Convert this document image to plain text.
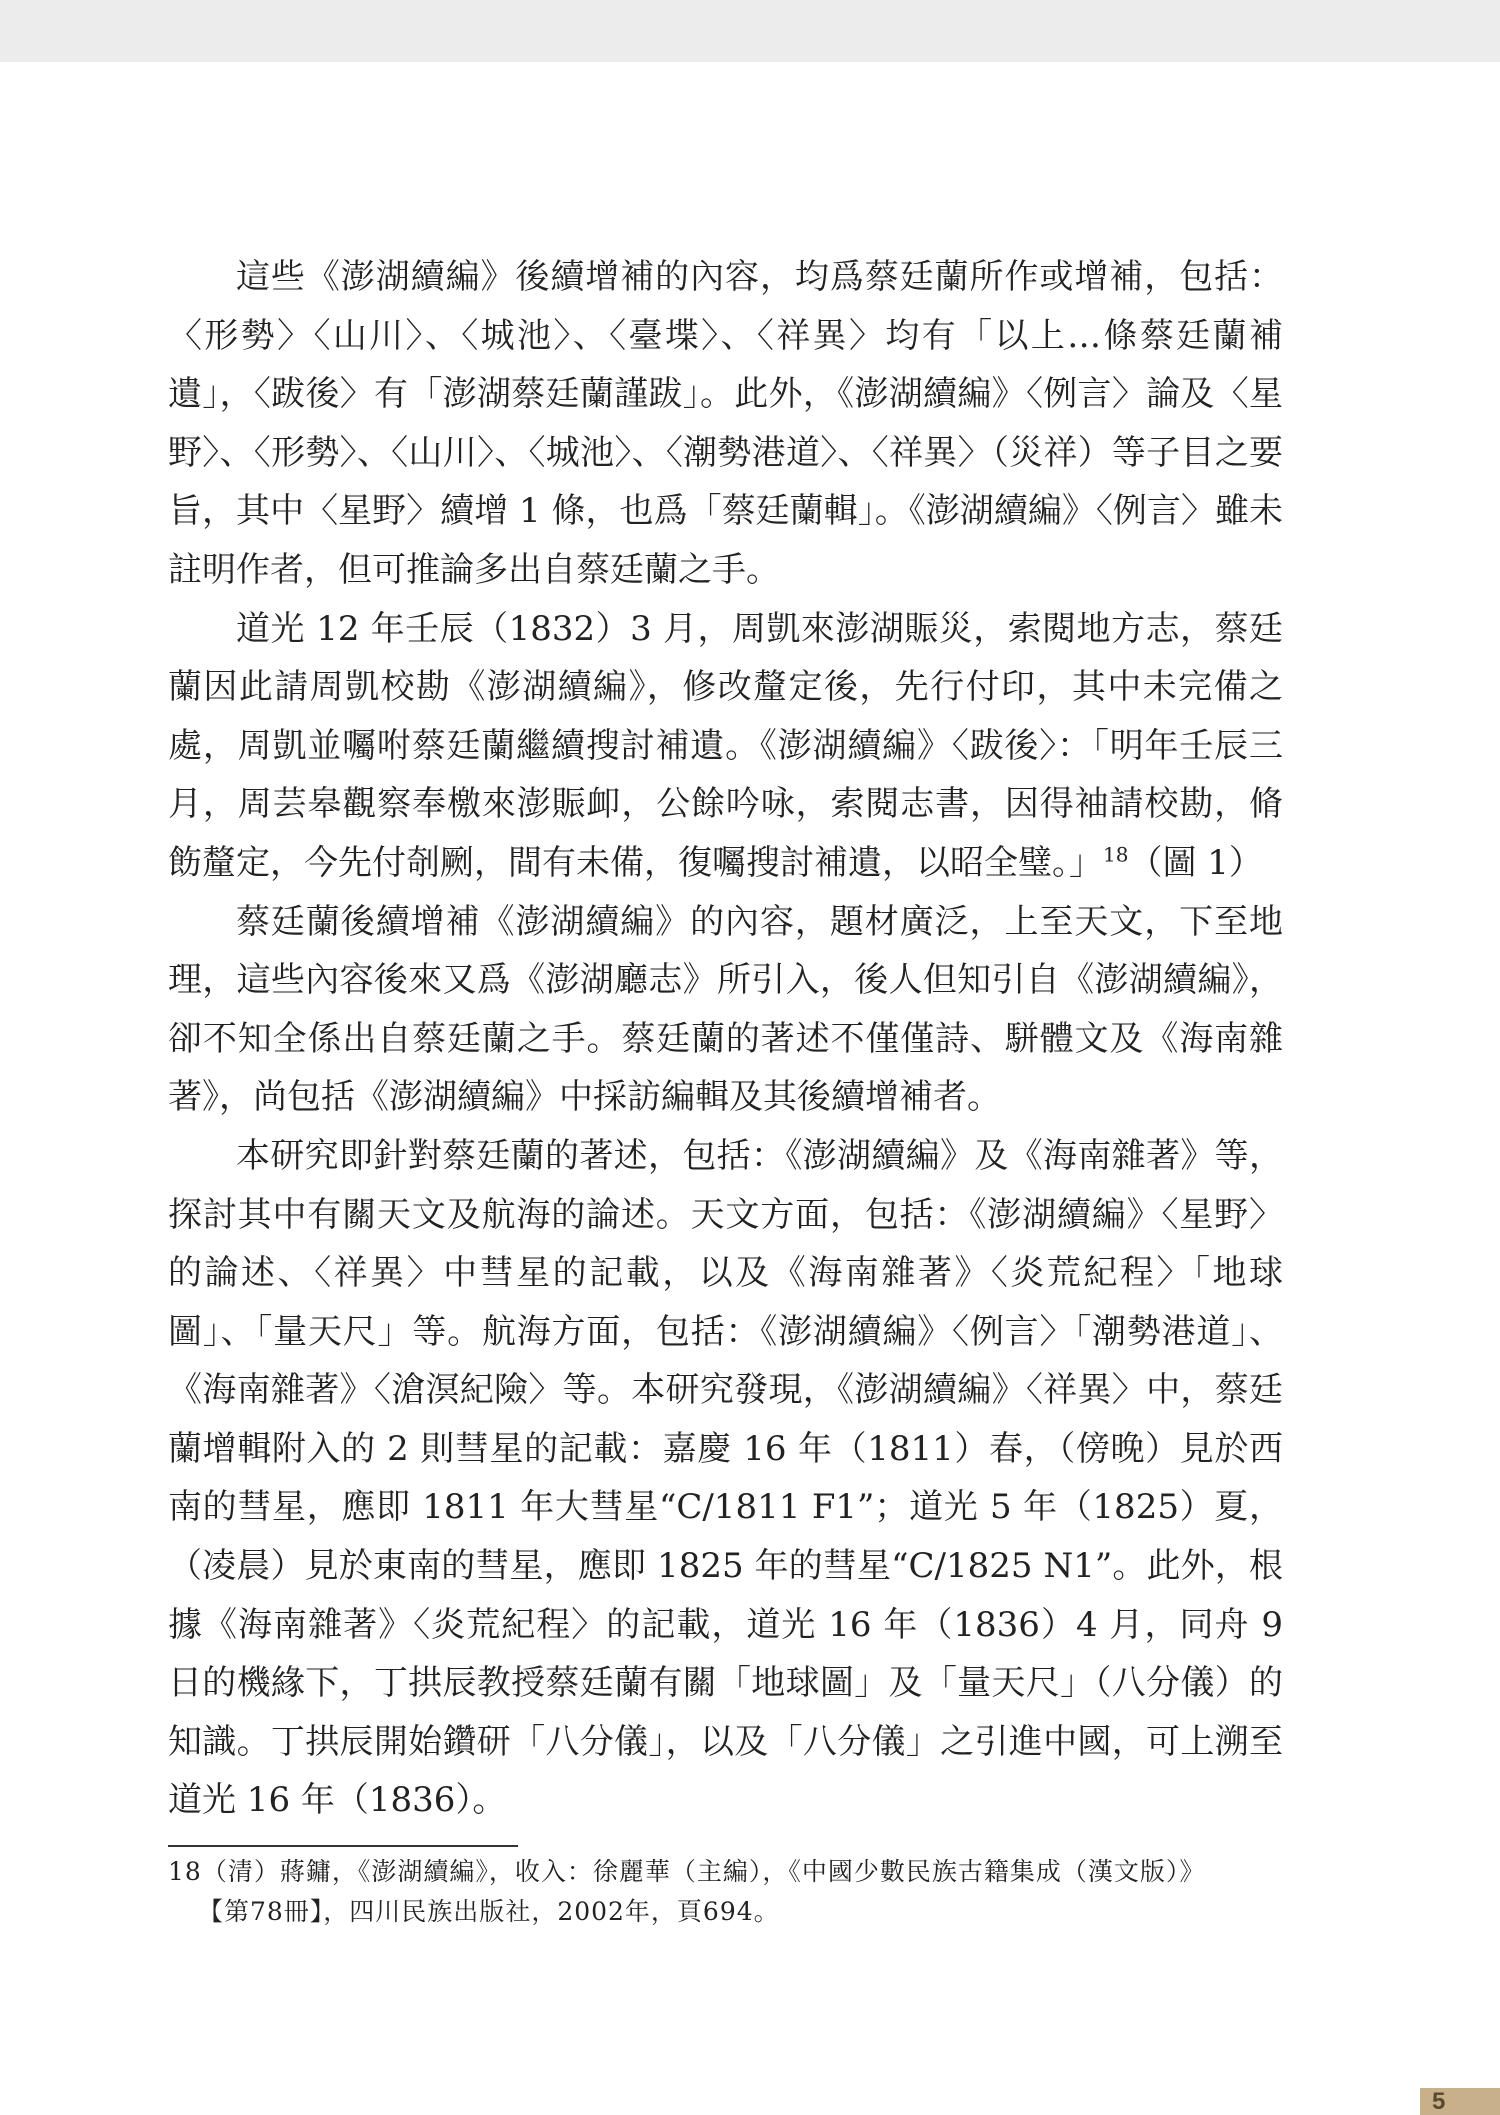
這些《澎湖續編》後續增補的內容，均爲蔡廷蘭所作或增補，包括：〈形勢〉〈山川〉、〈城池〉、〈臺堞〉、〈祥異〉均有「以上…條蔡廷蘭補遺」，〈跋後〉有「澎湖蔡廷蘭謹跋」。此外，《澎湖續編》〈例言〉論及〈星野〉、〈形勢〉、〈山川〉、〈城池〉、〈潮勢港道〉、〈祥異〉（災祥）等子目之要旨，其中〈星野〉續增 1 條，也爲「蔡廷蘭輯」。《澎湖續編》〈例言〉雖未註明作者，但可推論多出自蔡廷蘭之手。

道光 12 年壬辰（1832）3 月，周凱來澎湖賑災，索閱地方志，蔡廷蘭因此請周凱校勘《澎湖續編》，修改釐定後，先行付印，其中未完備之處，周凱並囑咐蔡廷蘭繼續搜討補遺。《澎湖續編》〈跋後〉：「明年壬辰三月，周芸皋觀察奉檄來澎賑卹，公餘吟咏，索閱志書，因得袖請校勘，脩飭釐定，今先付剞劂，間有未備，復囑搜討補遺，以昭全璧。」$^{18}$（圖 1）

蔡廷蘭後續增補《澎湖續編》的內容，題材廣泛，上至天文，下至地理，這些內容後來又爲《澎湖廳志》所引入，後人但知引自《澎湖續編》，卻不知全係出自蔡廷蘭之手。蔡廷蘭的著述不僅僅詩、駢體文及《海南雜著》，尚包括《澎湖續編》中採訪編輯及其後續增補者。

本研究即針對蔡廷蘭的著述，包括：《澎湖續編》及《海南雜著》等，探討其中有關天文及航海的論述。天文方面，包括：《澎湖續編》〈星野〉的論述、〈祥異〉中彗星的記載，以及《海南雜著》〈炎荒紀程〉「地球圖」、「量天尺」等。航海方面，包括：《澎湖續編》〈例言〉「潮勢港道」、《海南雜著》〈滄溟紀險〉等。本研究發現，《澎湖續編》〈祥異〉中，蔡廷蘭增輯附入的 2 則彗星的記載：嘉慶 16 年（1811）春，（傍晚）見於西南的彗星，應即 1811 年大彗星“C/1811 F1”；道光 5 年（1825）夏，（凌晨）見於東南的彗星，應即 1825 年的彗星“C/1825 N1”。此外，根據《海南雜著》〈炎荒紀程〉的記載，道光 16 年（1836）4 月，同舟 9 日的機緣下，丁拱辰教授蔡廷蘭有關「地球圖」及「量天尺」（八分儀）的知識。丁拱辰開始鑽研「八分儀」，以及「八分儀」之引進中國，可上溯至道光 16 年（1836）。

18（清）蔣鏞，《澎湖續編》，收入：徐麗華（主編），《中國少數民族古籍集成（漢文版）》
【第78冊】，四川民族出版社，2002年，頁694。
5
